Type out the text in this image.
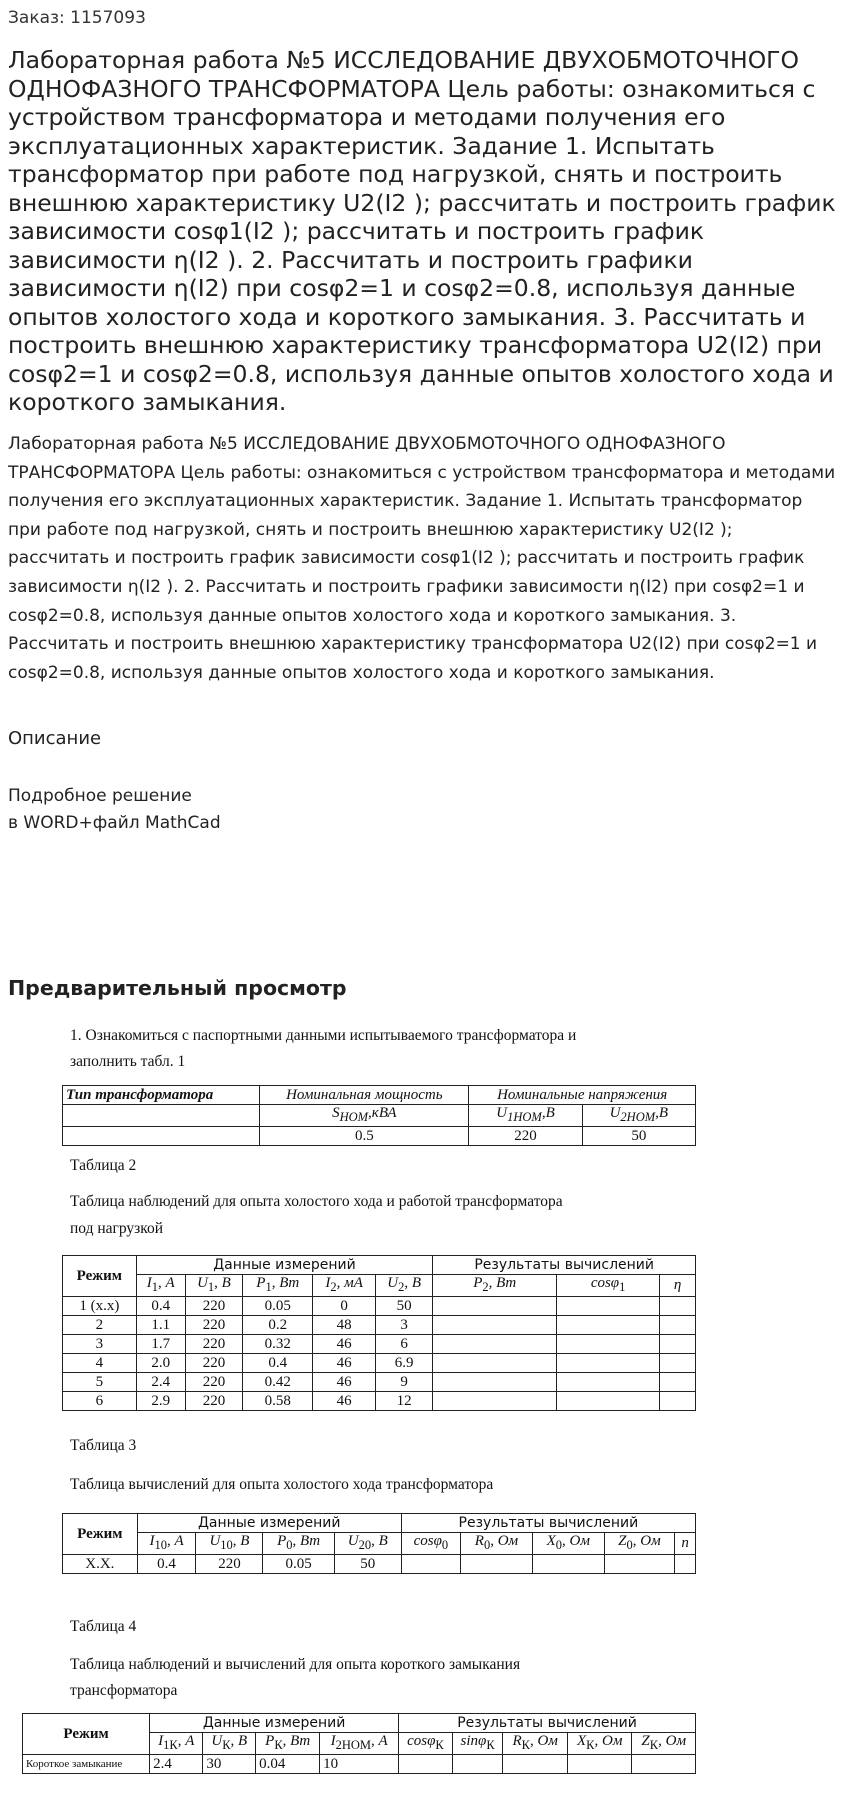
Заказ: 1157093
Лабораторная работа №5 ИССЛЕДОВАНИЕ ДВУХОБМОТОЧНОГО ОДНОФАЗНОГО ТРАНСФОРМАТОРА Цель работы: ознакомиться с устройством трансформатора и методами получения его эксплуатационных характеристик. Задание 1. Испытать трансформатор при работе под нагрузкой, снять и построить внешнюю характеристику U2(I2 ); рассчитать и построить график зависимости cosφ1(I2 ); рассчитать и построить график зависимости η(I2 ). 2. Рассчитать и построить графики зависимости η(I2) при cosφ2=1 и cosφ2=0.8, используя данные опытов холостого хода и короткого замыкания. 3. Рассчитать и построить внешнюю характеристику трансформатора U2(I2) при cosφ2=1 и cosφ2=0.8, используя данные опытов холостого хода и короткого замыкания.
Лабораторная работа №5 ИССЛЕДОВАНИЕ ДВУХОБМОТОЧНОГО ОДНОФАЗНОГО ТРАНСФОРМАТОРА Цель работы: ознакомиться с устройством трансформатора и методами получения его эксплуатационных характеристик. Задание 1. Испытать трансформатор при работе под нагрузкой, снять и построить внешнюю характеристику U2(I2 ); рассчитать и построить график зависимости cosφ1(I2 ); рассчитать и построить график зависимости η(I2 ). 2. Рассчитать и построить графики зависимости η(I2) при cosφ2=1 и cosφ2=0.8, используя данные опытов холостого хода и короткого замыкания. 3. Рассчитать и построить внешнюю характеристику трансформатора U2(I2) при cosφ2=1 и cosφ2=0.8, используя данные опытов холостого хода и короткого замыкания.
Описание
Подробное решение
в WORD+файл MathCad
Предварительный просмотр
1. Ознакомиться с паспортными данными испытываемого трансформатора и
заполнить табл. 1
Тип трансформатора	Номинальная мощность	Номинальные напряжения	
	$S_{НОМ},кВА$	$U_{1НОМ},В$	$U_{2НОМ},В$
	0.5	220	50
Таблица 2
Таблица наблюдений для опыта холостого хода и работой трансформатора
под нагрузкой
Режим	Данные измерений					Результаты вычислений		
	$I_1$, A	$U_1$, B	$P_1$, Bm	$I_2$, мA	$U_2$, B	$P_2$, Bm	cosφ$_1$	η
1 (х.х)	0.4	220	0.05	0	50			
2	1.1	220	0.2	48	3			
3	1.7	220	0.32	46	6			
4	2.0	220	0.4	46	6.9			
5	2.4	220	0.42	46	9			
6	2.9	220	0.58	46	12			
Таблица 3
Таблица вычислений для опыта холостого хода трансформатора
Режим	Данные измерений				Результаты вычислений				
	$I_{10}$, A	$U_{10}$, B	$P_0$, Bm	$U_{20}$, B	cosφ$_0$	$R_0$, Ом	$X_0$, Ом	$Z_0$, Ом	n
Х.Х.	0.4	220	0.05	50					
Таблица 4
Таблица наблюдений и вычислений для опыта короткого замыкания
трансформатора
Режим	Данные измерений				Результаты вычислений				
	$I_{1К}$, A	$U_К$, B	$P_К$, Bm	$I_{2НОМ}$, A	cosφ$_К$	sinφ$_К$	$R_К$, Ом	$X_К$, Ом	$Z_К$, Ом
Короткое замыкание	2.4	30	0.04	10					
